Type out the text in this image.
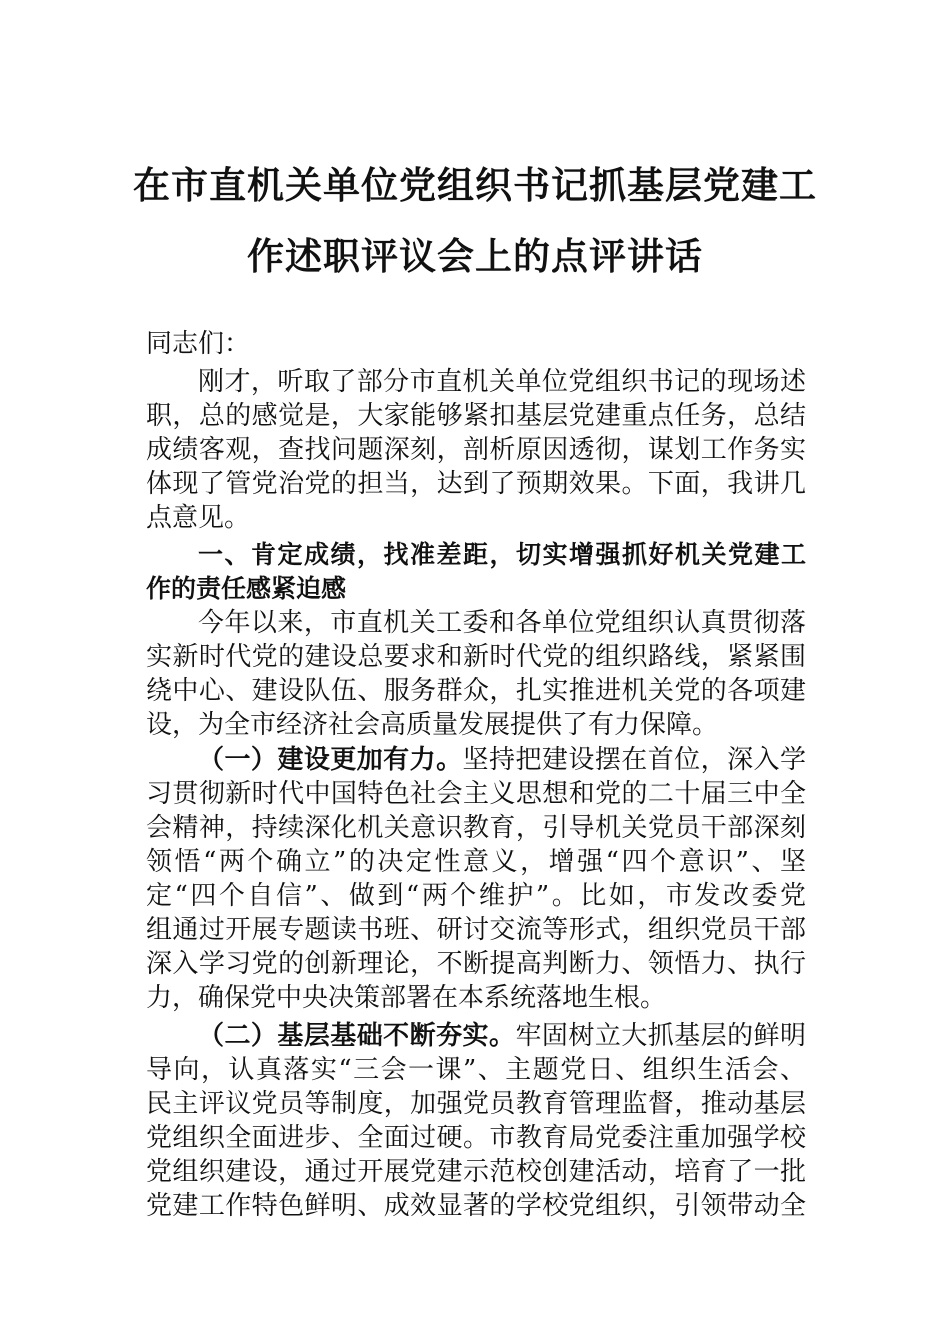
在市直机关单位党组织书记抓基层党建工
作述职评议会上的点评讲话
同志们：
刚才，听取了部分市直机关单位党组织书记的现场述
职，总的感觉是，大家能够紧扣基层党建重点任务，总结
成绩客观，查找问题深刻，剖析原因透彻，谋划工作务实
体现了管党治党的担当，达到了预期效果。下面，我讲几
点意见。
一、肯定成绩，找准差距，切实增强抓好机关党建工
作的责任感紧迫感
今年以来，市直机关工委和各单位党组织认真贯彻落
实新时代党的建设总要求和新时代党的组织路线，紧紧围
绕中心、建设队伍、服务群众，扎实推进机关党的各项建
设，为全市经济社会高质量发展提供了有力保障。
（一）建设更加有力。坚持把建设摆在首位，深入学
习贯彻新时代中国特色社会主义思想和党的二十届三中全
会精神，持续深化机关意识教育，引导机关党员干部深刻
领悟“两个确立”的决定性意义，增强“四个意识”、坚
定“四个自信”、做到“两个维护”。比如，市发改委党
组通过开展专题读书班、研讨交流等形式，组织党员干部
深入学习党的创新理论，不断提高判断力、领悟力、执行
力，确保党中央决策部署在本系统落地生根。
（二）基层基础不断夯实。牢固树立大抓基层的鲜明
导向，认真落实“三会一课”、主题党日、组织生活会、
民主评议党员等制度，加强党员教育管理监督，推动基层
党组织全面进步、全面过硬。市教育局党委注重加强学校
党组织建设，通过开展党建示范校创建活动，培育了一批
党建工作特色鲜明、成效显著的学校党组织，引领带动全
